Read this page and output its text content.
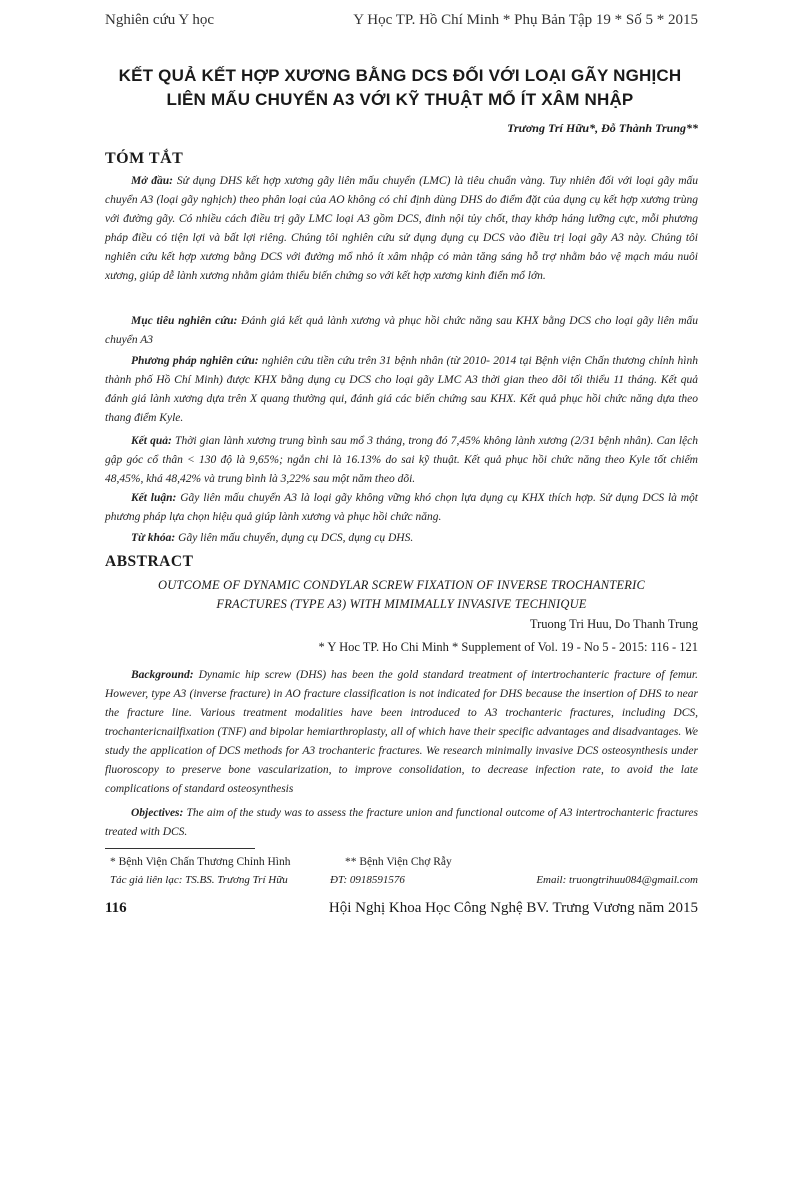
Nghiên cứu Y học	Y Học TP. Hồ Chí Minh * Phụ Bản Tập 19 * Số 5 * 2015
KẾT QUẢ KẾT HỢP XƯƠNG BẰNG DCS ĐỐI VỚI LOẠI GÃY NGHỊCH
LIÊN MẤU CHUYỂN A3 VỚI KỸ THUẬT MỔ ÍT XÂM NHẬP
Trương Trí Hữu*, Đỗ Thành Trung**
TÓM TẮT
Mở đầu: Sử dụng DHS kết hợp xương gãy liên mấu chuyển (LMC) là tiêu chuẩn vàng. Tuy nhiên đối với loại gãy mấu chuyển A3 (loại gãy nghịch) theo phân loại của AO không có chỉ định dùng DHS do điểm đặt của dụng cụ kết hợp xương trùng với đường gãy. Có nhiều cách điều trị gãy LMC loại A3 gồm DCS, đinh nội tủy chốt, thay khớp háng lưỡng cực, mỗi phương pháp điều có tiện lợi và bất lợi riêng. Chúng tôi nghiên cứu sử dụng dụng cụ DCS vào điều trị loại gãy A3 này. Chúng tôi nghiên cứu kết hợp xương bằng DCS với đường mổ nhỏ ít xâm nhập có màn tăng sáng hỗ trợ nhằm bảo vệ mạch máu nuôi xương, giúp dễ lành xương nhằm giảm thiểu biến chứng so với kết hợp xương kinh điển mổ lớn.
Mục tiêu nghiên cứu: Đánh giá kết quả lành xương và phục hồi chức năng sau KHX bằng DCS cho loại gãy liên mấu chuyển A3
Phương pháp nghiên cứu: nghiên cứu tiền cứu trên 31 bệnh nhân (từ 2010- 2014 tại Bệnh viện Chấn thương chỉnh hình thành phố Hồ Chí Minh) được KHX bằng dụng cụ DCS cho loại gãy LMC A3 thời gian theo dõi tối thiểu 11 tháng. Kết quả đánh giá lành xương dựa trên X quang thường qui, đánh giá các biến chứng sau KHX. Kết quả phục hồi chức năng dựa theo thang điểm Kyle.
Kết quả: Thời gian lành xương trung bình sau mổ 3 tháng, trong đó 7,45% không lành xương (2/31 bệnh nhân). Can lệch gập góc cổ thân < 130 độ là 9,65%; ngắn chi là 16.13% do sai kỹ thuật. Kết quả phục hồi chức năng theo Kyle tốt chiếm 48,45%, khá 48,42% và trung bình là 3,22% sau một năm theo dõi.
Kết luận: Gãy liên mấu chuyển A3 là loại gãy không vững khó chọn lựa dụng cụ KHX thích hợp. Sử dụng DCS là một phương pháp lựa chọn hiệu quả giúp lành xương và phục hồi chức năng.
Từ khóa: Gãy liên mấu chuyển, dụng cụ DCS, dụng cụ DHS.
ABSTRACT
OUTCOME OF DYNAMIC CONDYLAR SCREW FIXATION OF INVERSE TROCHANTERIC
FRACTURES (TYPE A3) WITH MIMIMALLY INVASIVE TECHNIQUE
Truong Tri Huu, Do Thanh Trung
* Y Hoc TP. Ho Chi Minh * Supplement of Vol. 19 - No 5 - 2015: 116 - 121
Background: Dynamic hip screw (DHS) has been the gold standard treatment of intertrochanteric fracture of femur. However, type A3 (inverse fracture) in AO fracture classification is not indicated for DHS because the insertion of DHS to near the fracture line. Various treatment modalities have been introduced to A3 trochanteric fractures, including DCS, trochantericnailfixation (TNF) and bipolar hemiarthroplasty, all of which have their specific advantages and disadvantages. We study the application of DCS methods for A3 trochanteric fractures. We research minimally invasive DCS osteosynthesis under fluoroscopy to preserve bone vascularization, to improve consolidation, to decrease infection rate, to avoid the late complications of standard osteosynthesis
Objectives: The aim of the study was to assess the fracture union and functional outcome of A3 intertrochanteric fractures treated with DCS.
* Bệnh Viện Chấn Thương Chỉnh Hình	** Bệnh Viện Chợ Rẫy
Tác giả liên lạc: TS.BS. Trương Trí Hữu	ĐT: 0918591576	Email: truongtrihuu084@gmail.com
116	Hội Nghị Khoa Học Công Nghệ BV. Trưng Vương năm 2015
